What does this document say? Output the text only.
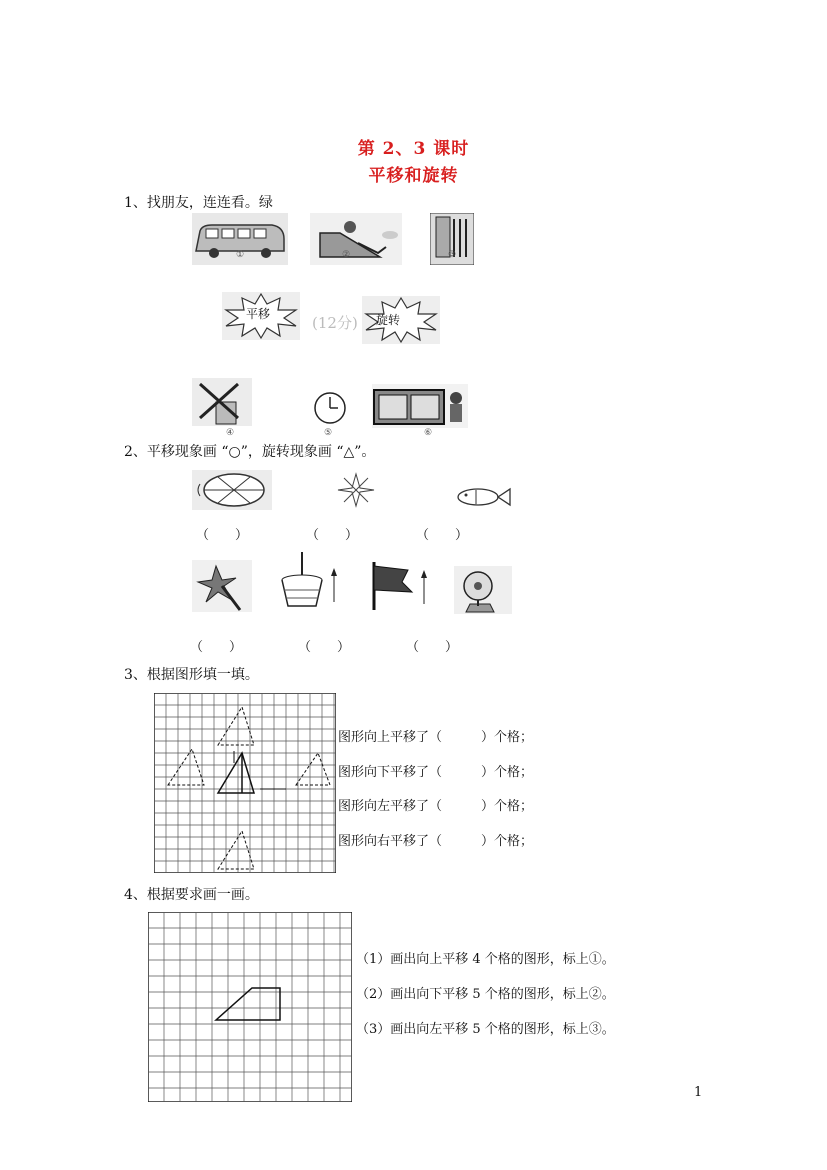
第 2、3 课时
平移和旋转
1、找朋友，连连看。绿
①	②	③
平移	(12分) 旋转
④	⑤	⑥
2、平移现象画 “○”，旋转现象画 “△”。
（　　）	（　　）	（　　）
（　　）	（　　）	（　　）
3、根据图形填一填。
图形向上平移了（　　　）个格；
图形向下平移了（　　　）个格；
图形向左平移了（　　　）个格；
图形向右平移了（　　　）个格；
4、根据要求画一画。
（1）画出向上平移 4 个格的图形，标上①。
（2）画出向下平移 5 个格的图形，标上②。
（3）画出向左平移 5 个格的图形，标上③。
1
